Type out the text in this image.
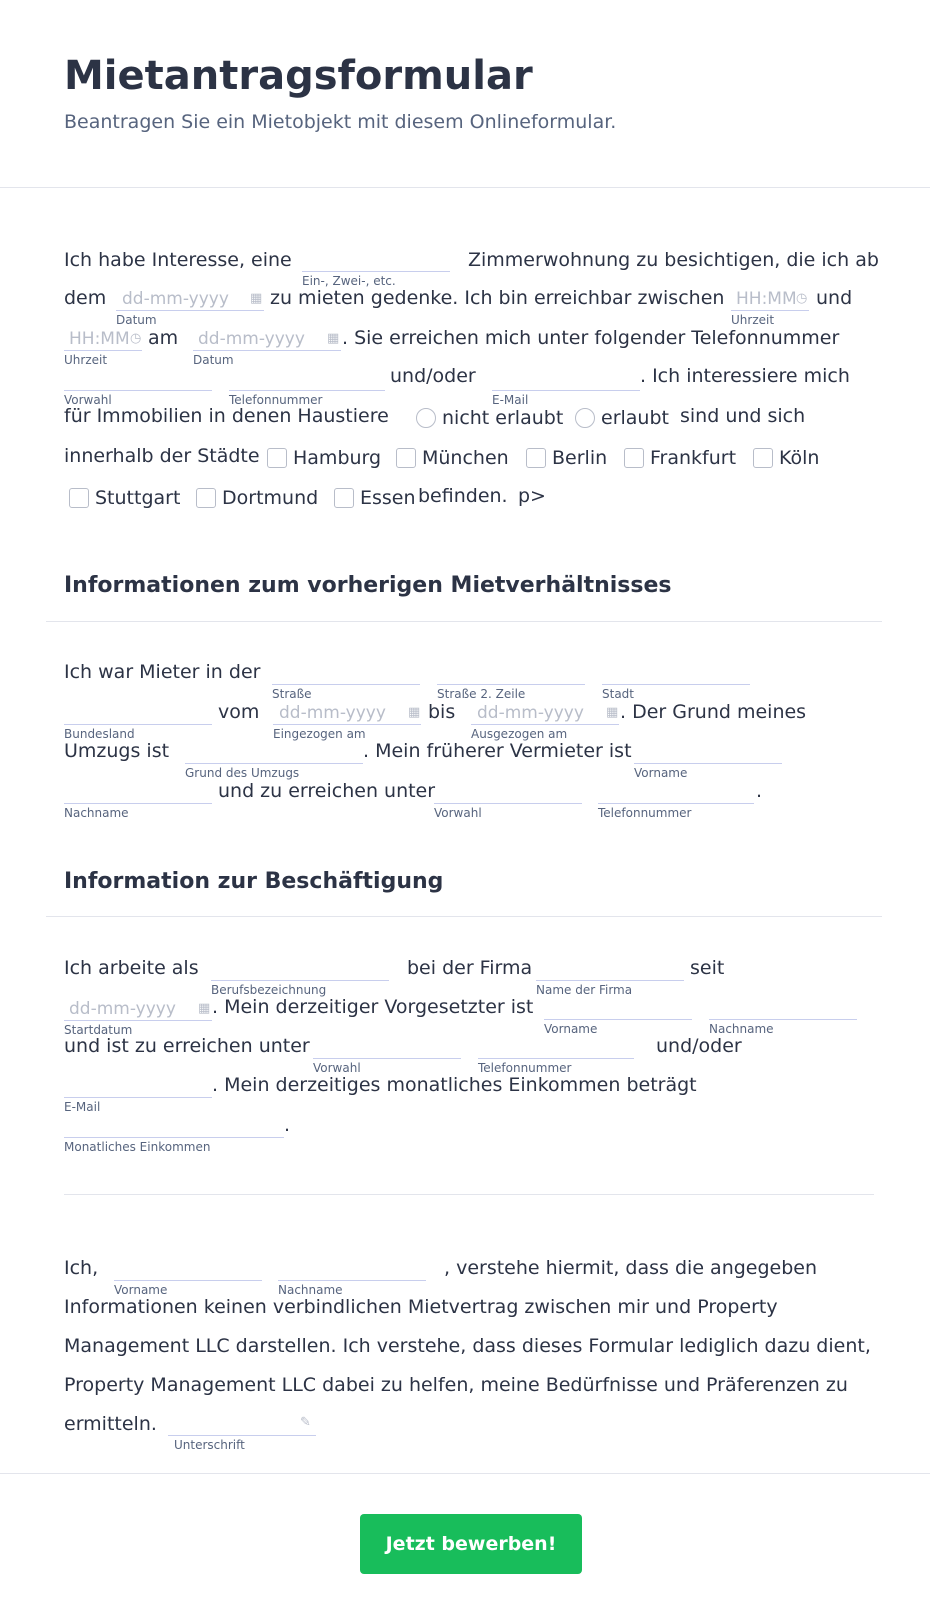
Mietantragsformular
Beantragen Sie ein Mietobjekt mit diesem Onlineformular.
Ich habe Interesse, eine
Ein-, Zwei-, etc.
Zimmerwohnung zu besichtigen, die ich ab
dem dd-mm-yyyy ▦
Datum
zu mieten gedenke. Ich bin erreichbar zwischen HH:MM ◷
Uhrzeit
und
HH:MM ◷
Uhrzeit
am dd-mm-yyyy ▦
Datum
. Sie erreichen mich unter folgender Telefonnummer
Vorwahl	Telefonnummer
und/oder
E-Mail
. Ich interessiere mich
für Immobilien in denen Haustiere	nicht erlaubt erlaubt sind und sich
innerhalb der Städte Hamburg München Berlin Frankfurt Köln
Stuttgart Dortmund Essen befinden. p>
Informationen zum vorherigen Mietverhältnisses
Ich war Mieter in der
Straße	Straße 2. Zeile	Stadt
Bundesland
vom dd-mm-yyyy ▦
Eingezogen am
bis dd-mm-yyyy ▦
Ausgezogen am
. Der Grund meines
Umzugs ist
Grund des Umzugs
. Mein früherer Vermieter ist
Vorname
Nachname
und zu erreichen unter
Vorwahl	Telefonnummer
.
Information zur Beschäftigung
Ich arbeite als
Berufsbezeichnung
bei der Firma
Name der Firma
seit
dd-mm-yyyy ▦
Startdatum
. Mein derzeitiger Vorgesetzter ist
Vorname	Nachname
und ist zu erreichen unter
Vorwahl	Telefonnummer
und/oder
E-Mail
. Mein derzeitiges monatliches Einkommen beträgt
Monatliches Einkommen
.
Ich,
Vorname	Nachname
, verstehe hiermit, dass die angegeben
Informationen keinen verbindlichen Mietvertrag zwischen mir und Property
Management LLC darstellen. Ich verstehe, dass dieses Formular lediglich dazu dient,
Property Management LLC dabei zu helfen, meine Bedürfnisse und Präferenzen zu
ermitteln.	✎
Unterschrift
Jetzt bewerben!
